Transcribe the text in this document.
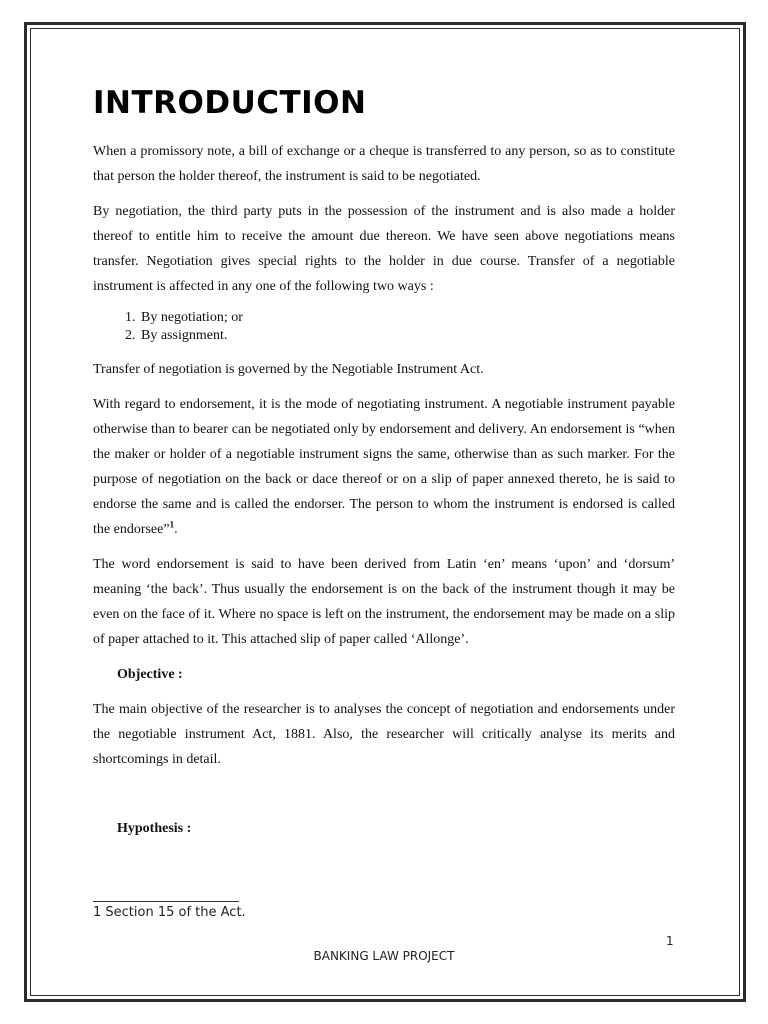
INTRODUCTION

When a promissory note, a bill of exchange or a cheque is transferred to any person, so as to constitute that person the holder thereof, the instrument is said to be negotiated.

By negotiation, the third party puts in the possession of the instrument and is also made a holder thereof to entitle him to receive the amount due thereon. We have seen above negotiations means transfer. Negotiation gives special rights to the holder in due course. Transfer of a negotiable instrument is affected in any one of the following two ways :

1. By negotiation; or
2. By assignment.

Transfer of negotiation is governed by the Negotiable Instrument Act.

With regard to endorsement, it is the mode of negotiating instrument. A negotiable instrument payable otherwise than to bearer can be negotiated only by endorsement and delivery. An endorsement is “when the maker or holder of a negotiable instrument signs the same, otherwise than as such marker. For the purpose of negotiation on the back or dace thereof or on a slip of paper annexed thereto, he is said to endorse the same and is called the endorser. The person to whom the instrument is endorsed is called the endorsee”$^1$.

The word endorsement is said to have been derived from Latin ‘en’ means ‘upon’ and ‘dorsum’ meaning ‘the back’. Thus usually the endorsement is on the back of the instrument though it may be even on the face of it. Where no space is left on the instrument, the endorsement may be made on a slip of paper attached to it. This attached slip of paper called ‘Allonge’.

Objective :

The main objective of the researcher is to analyses the concept of negotiation and endorsements under the negotiable instrument Act, 1881. Also, the researcher will critically analyse its merits and shortcomings in detail.

Hypothesis :
1 Section 15 of the Act.
1
BANKING LAW PROJECT
